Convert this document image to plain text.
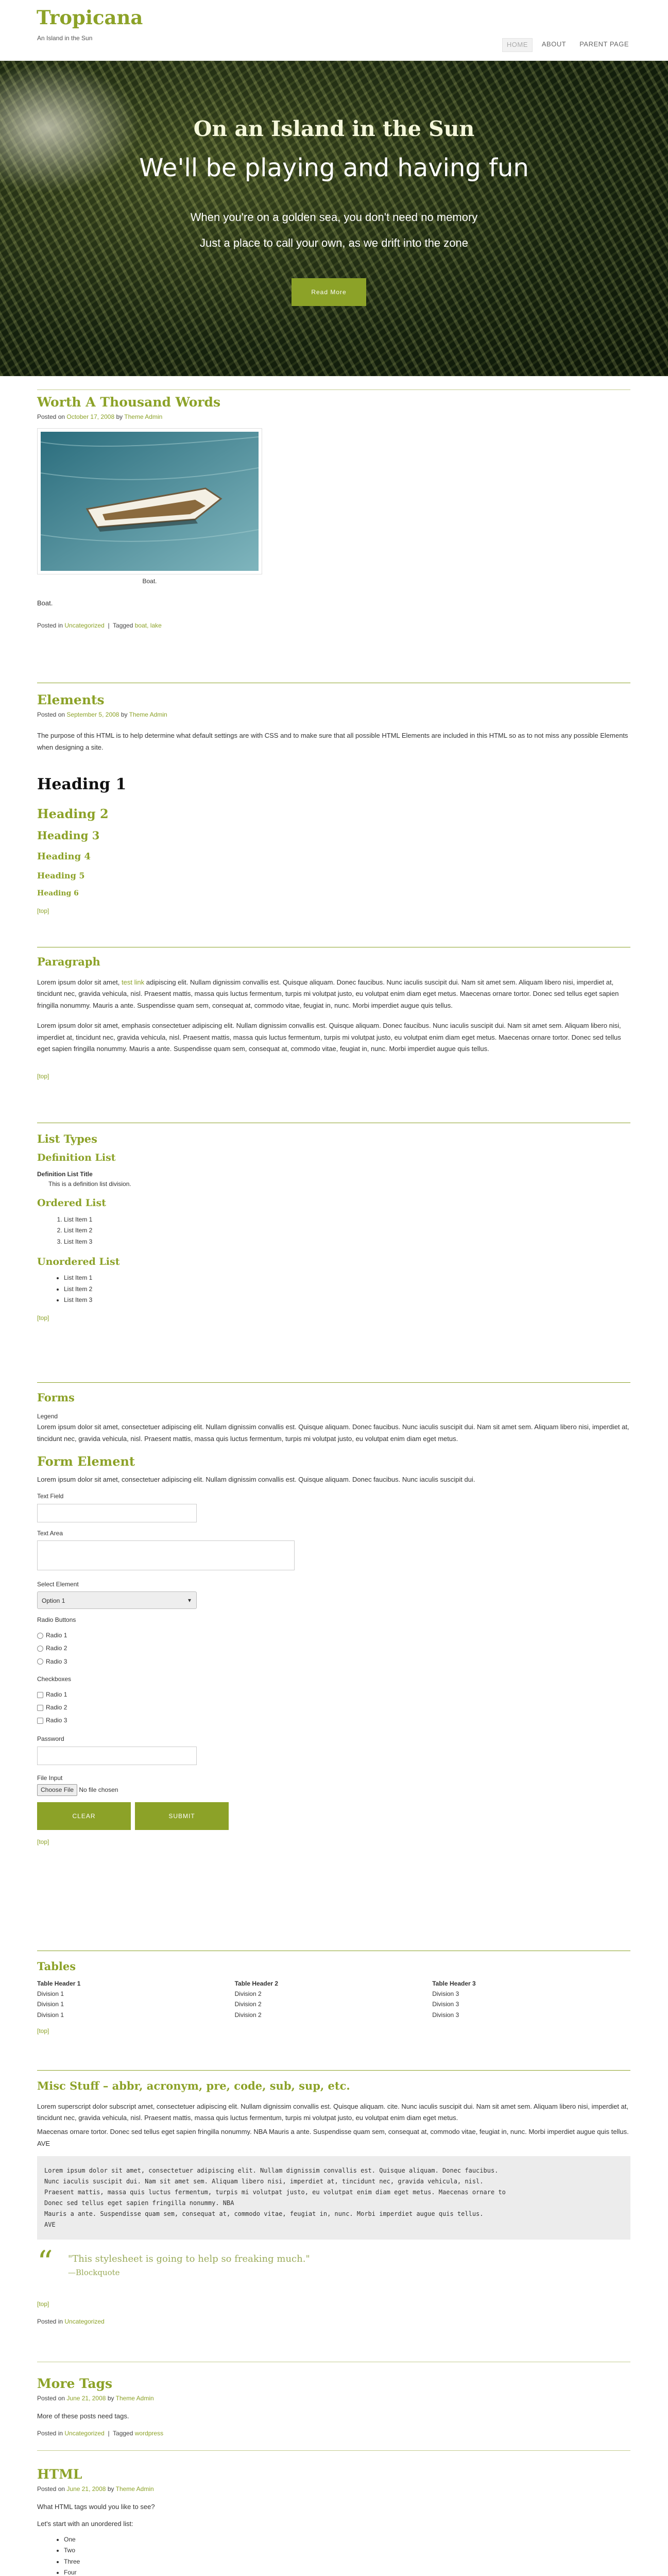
Tropicana
An Island in the Sun
HOME	ABOUT	PARENT PAGE
On an Island in the Sun
We'll be playing and having fun
When you're on a golden sea, you don't need no memory
Just a place to call your own, as we drift into the zone
Read More
Worth A Thousand Words
Posted on October 17, 2008 by Theme Admin
Boat.
Boat.
Posted in Uncategorized  |  Tagged boat, lake
Elements
Posted on September 5, 2008 by Theme Admin
The purpose of this HTML is to help determine what default settings are with CSS and to make sure that all possible HTML Elements are included in this HTML so as to not miss any possible Elements when designing a site.
Heading 1
Heading 2
Heading 3
Heading 4
Heading 5
Heading 6
[top]
Paragraph
Lorem ipsum dolor sit amet, test link adipiscing elit. Nullam dignissim convallis est. Quisque aliquam. Donec faucibus. Nunc iaculis suscipit dui. Nam sit amet sem. Aliquam libero nisi, imperdiet at, tincidunt nec, gravida vehicula, nisl. Praesent mattis, massa quis luctus fermentum, turpis mi volutpat justo, eu volutpat enim diam eget metus. Maecenas ornare tortor. Donec sed tellus eget sapien fringilla nonummy. Mauris a ante. Suspendisse quam sem, consequat at, commodo vitae, feugiat in, nunc. Morbi imperdiet augue quis tellus.
Lorem ipsum dolor sit amet, emphasis consectetuer adipiscing elit. Nullam dignissim convallis est. Quisque aliquam. Donec faucibus. Nunc iaculis suscipit dui. Nam sit amet sem. Aliquam libero nisi, imperdiet at, tincidunt nec, gravida vehicula, nisl. Praesent mattis, massa quis luctus fermentum, turpis mi volutpat justo, eu volutpat enim diam eget metus. Maecenas ornare tortor. Donec sed tellus eget sapien fringilla nonummy. Mauris a ante. Suspendisse quam sem, consequat at, commodo vitae, feugiat in, nunc. Morbi imperdiet augue quis tellus.
[top]
List Types
Definition List
Definition List Title
This is a definition list division.
Ordered List
1. List Item 1
2. List Item 2
3. List Item 3
Unordered List
• List Item 1
• List Item 2
• List Item 3
[top]
Forms
Legend
Lorem ipsum dolor sit amet, consectetuer adipiscing elit. Nullam dignissim convallis est. Quisque aliquam. Donec faucibus. Nunc iaculis suscipit dui. Nam sit amet sem. Aliquam libero nisi, imperdiet at, tincidunt nec, gravida vehicula, nisl. Praesent mattis, massa quis luctus fermentum, turpis mi volutpat justo, eu volutpat enim diam eget metus.
Form Element
Lorem ipsum dolor sit amet, consectetuer adipiscing elit. Nullam dignissim convallis est. Quisque aliquam. Donec faucibus. Nunc iaculis suscipit dui.
Text Field
Text Area
Select Element
Option 1	▾
Radio Buttons
Radio 1
Radio 2
Radio 3
Checkboxes
Radio 1
Radio 2
Radio 3
Password
File Input
Choose File No file chosen
CLEAR	SUBMIT
[top]
Tables
Table Header 1	Table Header 2	Table Header 3
Division 1	Division 2	Division 3
Division 1	Division 2	Division 3
Division 1	Division 2	Division 3
[top]
Misc Stuff – abbr, acronym, pre, code, sub, sup, etc.
Lorem superscript dolor subscript amet, consectetuer adipiscing elit. Nullam dignissim convallis est. Quisque aliquam. cite. Nunc iaculis suscipit dui. Nam sit amet sem. Aliquam libero nisi, imperdiet at, tincidunt nec, gravida vehicula, nisl. Praesent mattis, massa quis luctus fermentum, turpis mi volutpat justo, eu volutpat enim diam eget metus.
Maecenas ornare tortor. Donec sed tellus eget sapien fringilla nonummy. NBA Mauris a ante. Suspendisse quam sem, consequat at, commodo vitae, feugiat in, nunc. Morbi imperdiet augue quis tellus. AVE
Lorem ipsum dolor sit amet, consectetuer adipiscing elit. Nullam dignissim convallis est. Quisque aliquam. Donec faucibus.
Nunc iaculis suscipit dui. Nam sit amet sem. Aliquam libero nisi, imperdiet at, tincidunt nec, gravida vehicula, nisl.
Praesent mattis, massa quis luctus fermentum, turpis mi volutpat justo, eu volutpat enim diam eget metus. Maecenas ornare to
Donec sed tellus eget sapien fringilla nonummy. NBA
Mauris a ante. Suspendisse quam sem, consequat at, commodo vitae, feugiat in, nunc. Morbi imperdiet augue quis tellus.
AVE
“ "This stylesheet is going to help so freaking much."
—Blockquote
[top]
Posted in Uncategorized
More Tags
Posted on June 21, 2008 by Theme Admin
More of these posts need tags.
Posted in Uncategorized  |  Tagged wordpress
HTML
Posted on June 21, 2008 by Theme Admin
What HTML tags would you like to see?
Let's start with an unordered list:
• One
• Two
• Three
• Four
